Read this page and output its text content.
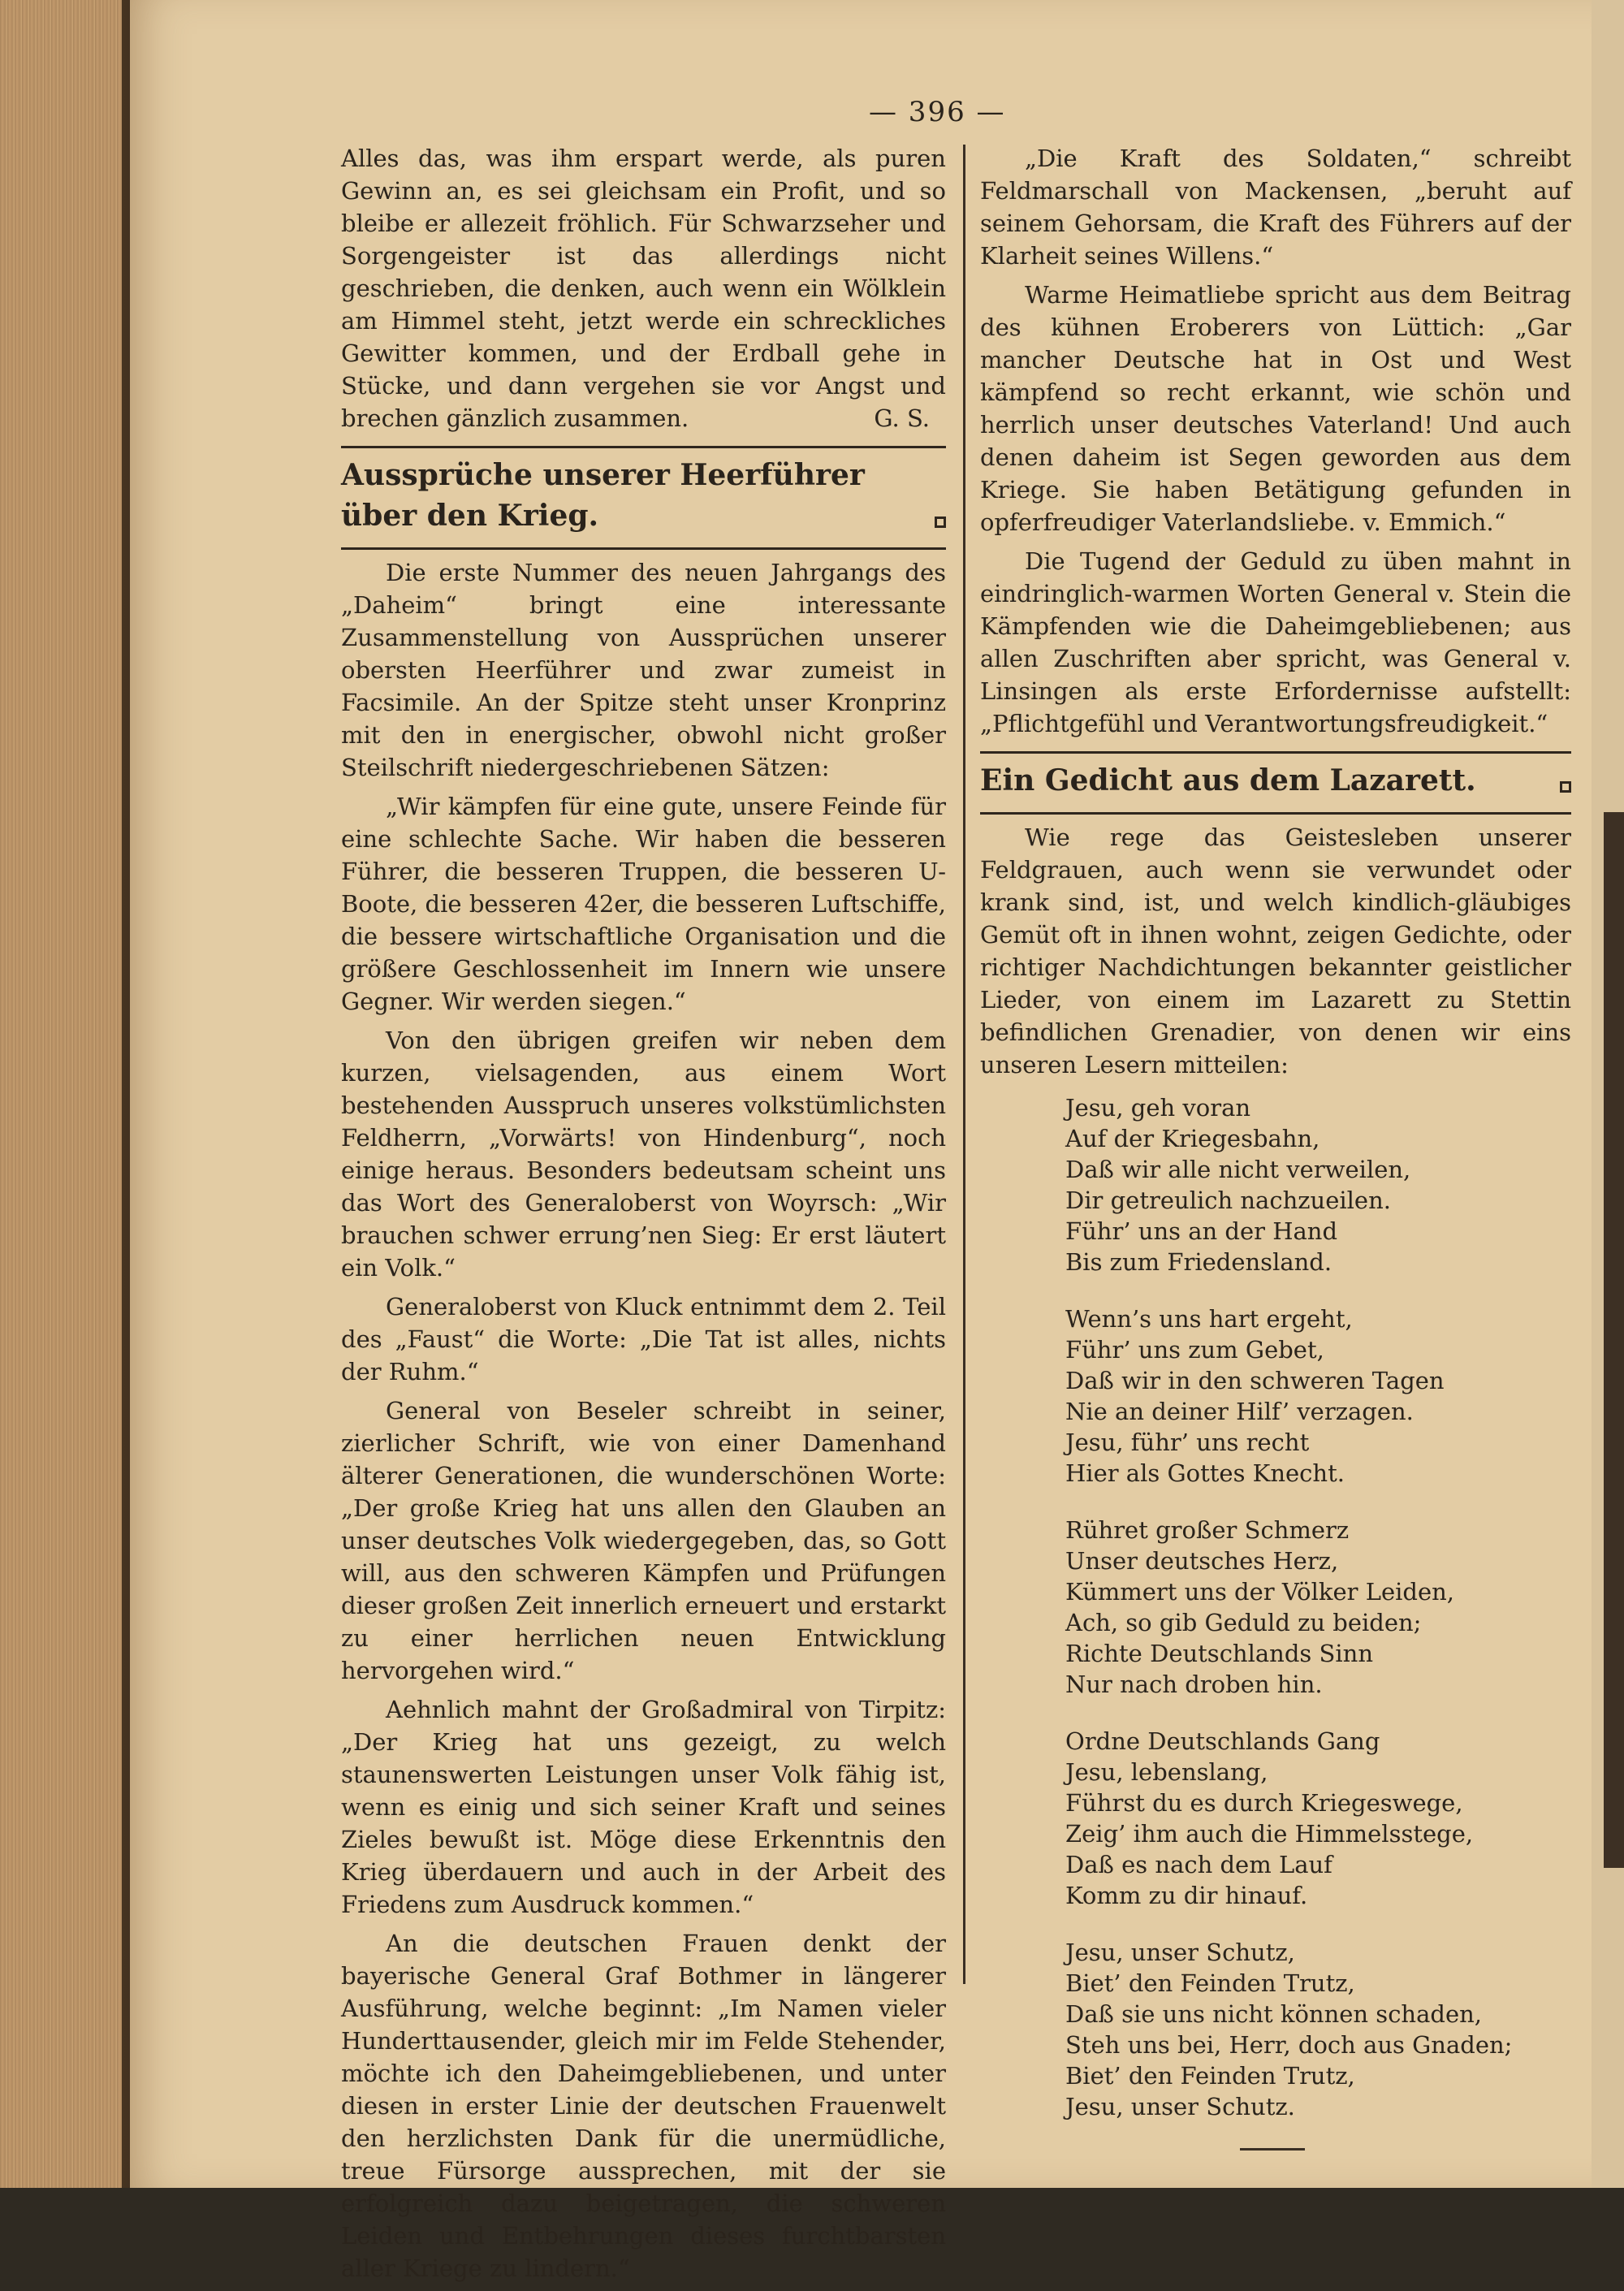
— 396 —

Alles das, was ihm erspart werde, als puren Gewinn an, es sei gleichsam ein Profit, und so bleibe er allezeit fröhlich. Für Schwarzseher und Sorgengeister ist das allerdings nicht geschrieben, die denken, auch wenn ein Wölklein am Himmel steht, jetzt werde ein schreckliches Gewitter kommen, und der Erdball gehe in Stücke, und dann vergehen sie vor Angst und brechen gänzlich zusammen.	G. S.

Aussprüche unserer Heerführer über den Krieg.

Die erste Nummer des neuen Jahrgangs des „Daheim“ bringt eine interessante Zusammenstellung von Aussprüchen unserer obersten Heerführer und zwar zumeist in Facsimile. An der Spitze steht unser Kronprinz mit den in energischer, obwohl nicht großer Steilschrift niedergeschriebenen Sätzen:

„Wir kämpfen für eine gute, unsere Feinde für eine schlechte Sache. Wir haben die besseren Führer, die besseren Truppen, die besseren U-Boote, die besseren 42er, die besseren Luftschiffe, die bessere wirtschaftliche Organisation und die größere Geschlossenheit im Innern wie unsere Gegner. Wir werden siegen.“

Von den übrigen greifen wir neben dem kurzen, vielsagenden, aus einem Wort bestehenden Ausspruch unseres volkstümlichsten Feldherrn, „Vorwärts! von Hindenburg“, noch einige heraus. Besonders bedeutsam scheint uns das Wort des Generaloberst von Woyrsch: „Wir brauchen schwer errung’nen Sieg: Er erst läutert ein Volk.“

Generaloberst von Kluck entnimmt dem 2. Teil des „Faust“ die Worte: „Die Tat ist alles, nichts der Ruhm.“

General von Beseler schreibt in seiner, zierlicher Schrift, wie von einer Damenhand älterer Generationen, die wunderschönen Worte: „Der große Krieg hat uns allen den Glauben an unser deutsches Volk wiedergegeben, das, so Gott will, aus den schweren Kämpfen und Prüfungen dieser großen Zeit innerlich erneuert und erstarkt zu einer herrlichen neuen Entwicklung hervorgehen wird.“

Aehnlich mahnt der Großadmiral von Tirpitz: „Der Krieg hat uns gezeigt, zu welch staunenswerten Leistungen unser Volk fähig ist, wenn es einig und sich seiner Kraft und seines Zieles bewußt ist. Möge diese Erkenntnis den Krieg überdauern und auch in der Arbeit des Friedens zum Ausdruck kommen.“

An die deutschen Frauen denkt der bayerische General Graf Bothmer in längerer Ausführung, welche beginnt: „Im Namen vieler Hunderttausender, gleich mir im Felde Stehender, möchte ich den Daheimgebliebenen, und unter diesen in erster Linie der deutschen Frauenwelt den herzlichsten Dank für die unermüdliche, treue Fürsorge aussprechen, mit der sie erfolgreich dazu beigetragen, die schweren Leiden und Entbehrungen dieses furchtbarsten aller Kriege zu lindern.“

„Die Kraft des Soldaten,“ schreibt Feldmarschall von Mackensen, „beruht auf seinem Gehorsam, die Kraft des Führers auf der Klarheit seines Willens.“

Warme Heimatliebe spricht aus dem Beitrag des kühnen Eroberers von Lüttich: „Gar mancher Deutsche hat in Ost und West kämpfend so recht erkannt, wie schön und herrlich unser deutsches Vaterland! Und auch denen daheim ist Segen geworden aus dem Kriege. Sie haben Betätigung gefunden in opferfreudiger Vaterlandsliebe. v. Emmich.“

Die Tugend der Geduld zu üben mahnt in eindringlich-warmen Worten General v. Stein die Kämpfenden wie die Daheimgebliebenen; aus allen Zuschriften aber spricht, was General v. Linsingen als erste Erfordernisse aufstellt: „Pflichtgefühl und Verantwortungsfreudigkeit.“

Ein Gedicht aus dem Lazarett.

Wie rege das Geistesleben unserer Feldgrauen, auch wenn sie verwundet oder krank sind, ist, und welch kindlich-gläubiges Gemüt oft in ihnen wohnt, zeigen Gedichte, oder richtiger Nachdichtungen bekannter geistlicher Lieder, von einem im Lazarett zu Stettin befindlichen Grenadier, von denen wir eins unseren Lesern mitteilen:

Jesu, geh voran
Auf der Kriegesbahn,
Daß wir alle nicht verweilen,
Dir getreulich nachzueilen.
Führ’ uns an der Hand
Bis zum Friedensland.
Wenn’s uns hart ergeht,
Führ’ uns zum Gebet,
Daß wir in den schweren Tagen
Nie an deiner Hilf’ verzagen.
Jesu, führ’ uns recht
Hier als Gottes Knecht.
Rühret großer Schmerz
Unser deutsches Herz,
Kümmert uns der Völker Leiden,
Ach, so gib Geduld zu beiden;
Richte Deutschlands Sinn
Nur nach droben hin.
Ordne Deutschlands Gang
Jesu, lebenslang,
Führst du es durch Kriegeswege,
Zeig’ ihm auch die Himmelsstege,
Daß es nach dem Lauf
Komm zu dir hinauf.
Jesu, unser Schutz,
Biet’ den Feinden Trutz,
Daß sie uns nicht können schaden,
Steh uns bei, Herr, doch aus Gnaden;
Biet’ den Feinden Trutz,
Jesu, unser Schutz.
